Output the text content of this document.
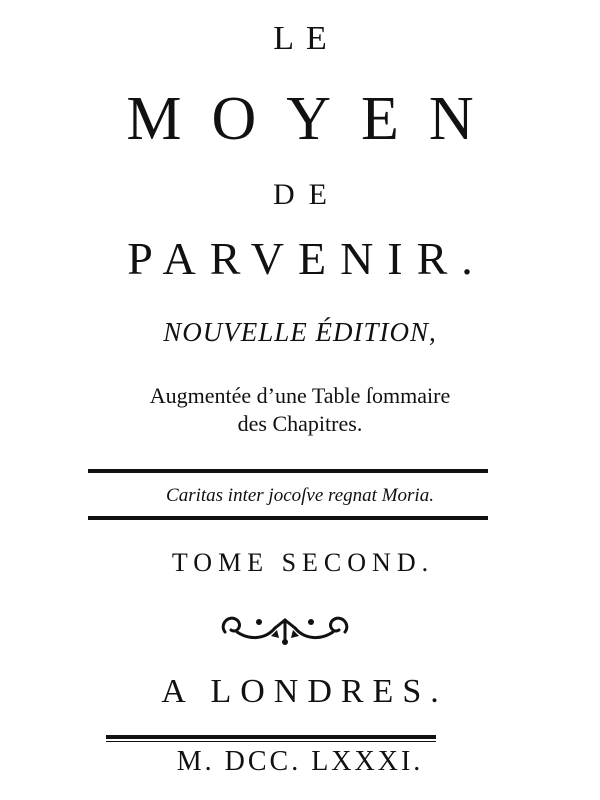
LE
MOYEN
DE
PARVENIR.
NOUVELLE ÉDITION,
Augmentée d’une Table ſommaire
des Chapitres.
Caritas inter jocoſve regnat Moria.
TOME SECOND.
A LONDRES.
M. DCC. LXXXI.
